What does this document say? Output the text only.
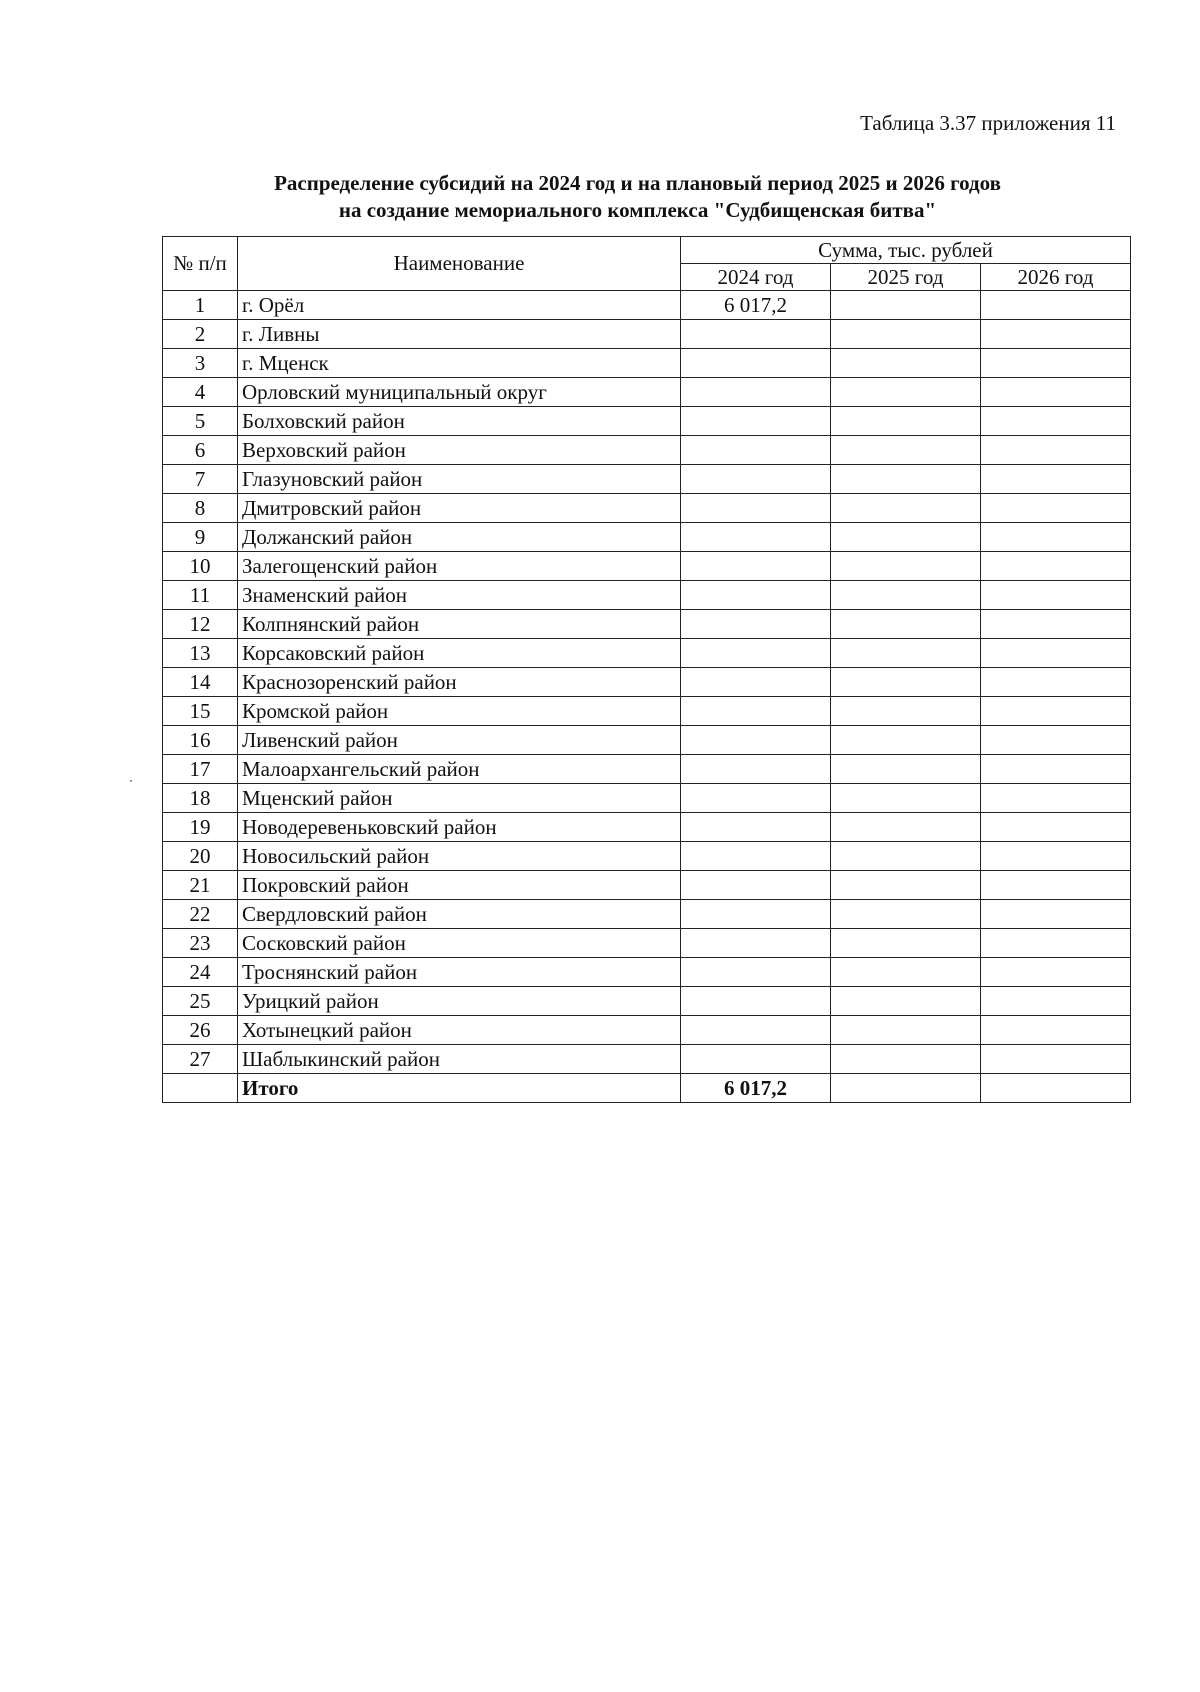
Таблица 3.37 приложения 11
Распределение субсидий на 2024 год и на плановый период 2025 и 2026 годов
на создание мемориального комплекса "Судбищенская битва"
№ п/п	Наименование	Сумма, тыс. рублей		
		2024 год	2025 год	2026 год
1	г. Орёл	6 017,2		
2	г. Ливны			
3	г. Мценск			
4	Орловский муниципальный округ			
5	Болховский район			
6	Верховский район			
7	Глазуновский район			
8	Дмитровский район			
9	Должанский район			
10	Залегощенский район			
11	Знаменский район			
12	Колпнянский район			
13	Корсаковский район			
14	Краснозоренский район			
15	Кромской район			
16	Ливенский район			
17	Малоархангельский район			
18	Мценский район			
19	Новодеревеньковский район			
20	Новосильский район			
21	Покровский район			
22	Свердловский район			
23	Сосковский район			
24	Троснянский район			
25	Урицкий район			
26	Хотынецкий район			
27	Шаблыкинский район			
	Итого	6 017,2		
